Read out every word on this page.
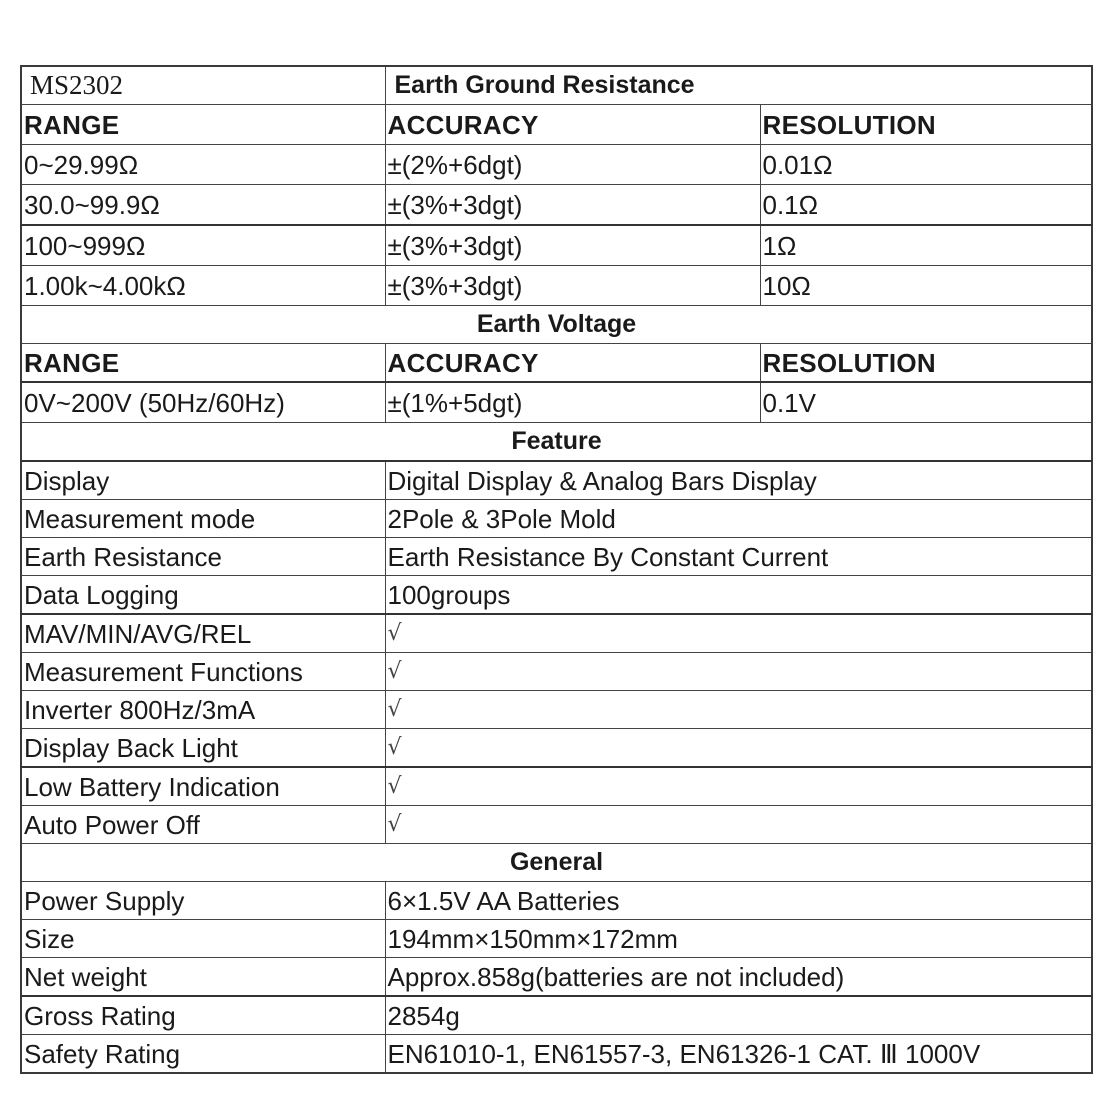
MS2302	Earth Ground Resistance	
RANGE	ACCURACY	RESOLUTION
0~29.99Ω	±(2%+6dgt)	0.01Ω
30.0~99.9Ω	±(3%+3dgt)	0.1Ω
100~999Ω	±(3%+3dgt)	1Ω
1.00k~4.00kΩ	±(3%+3dgt)	10Ω
Earth Voltage		
RANGE	ACCURACY	RESOLUTION
0V~200V (50Hz/60Hz)	±(1%+5dgt)	0.1V
Feature		
Display	Digital Display & Analog Bars Display	
Measurement mode	2Pole & 3Pole Mold	
Earth Resistance	Earth Resistance By Constant Current	
Data Logging	100groups	
MAV/MIN/AVG/REL	√	
Measurement Functions	√	
Inverter 800Hz/3mA	√	
Display Back Light	√	
Low Battery Indication	√	
Auto Power Off	√	
General		
Power Supply	6×1.5V AA Batteries	
Size	194mm×150mm×172mm	
Net weight	Approx.858g(batteries are not included)	
Gross Rating	2854g	
Safety Rating	EN61010-1, EN61557-3, EN61326-1 CAT. Ⅲ 1000V	
